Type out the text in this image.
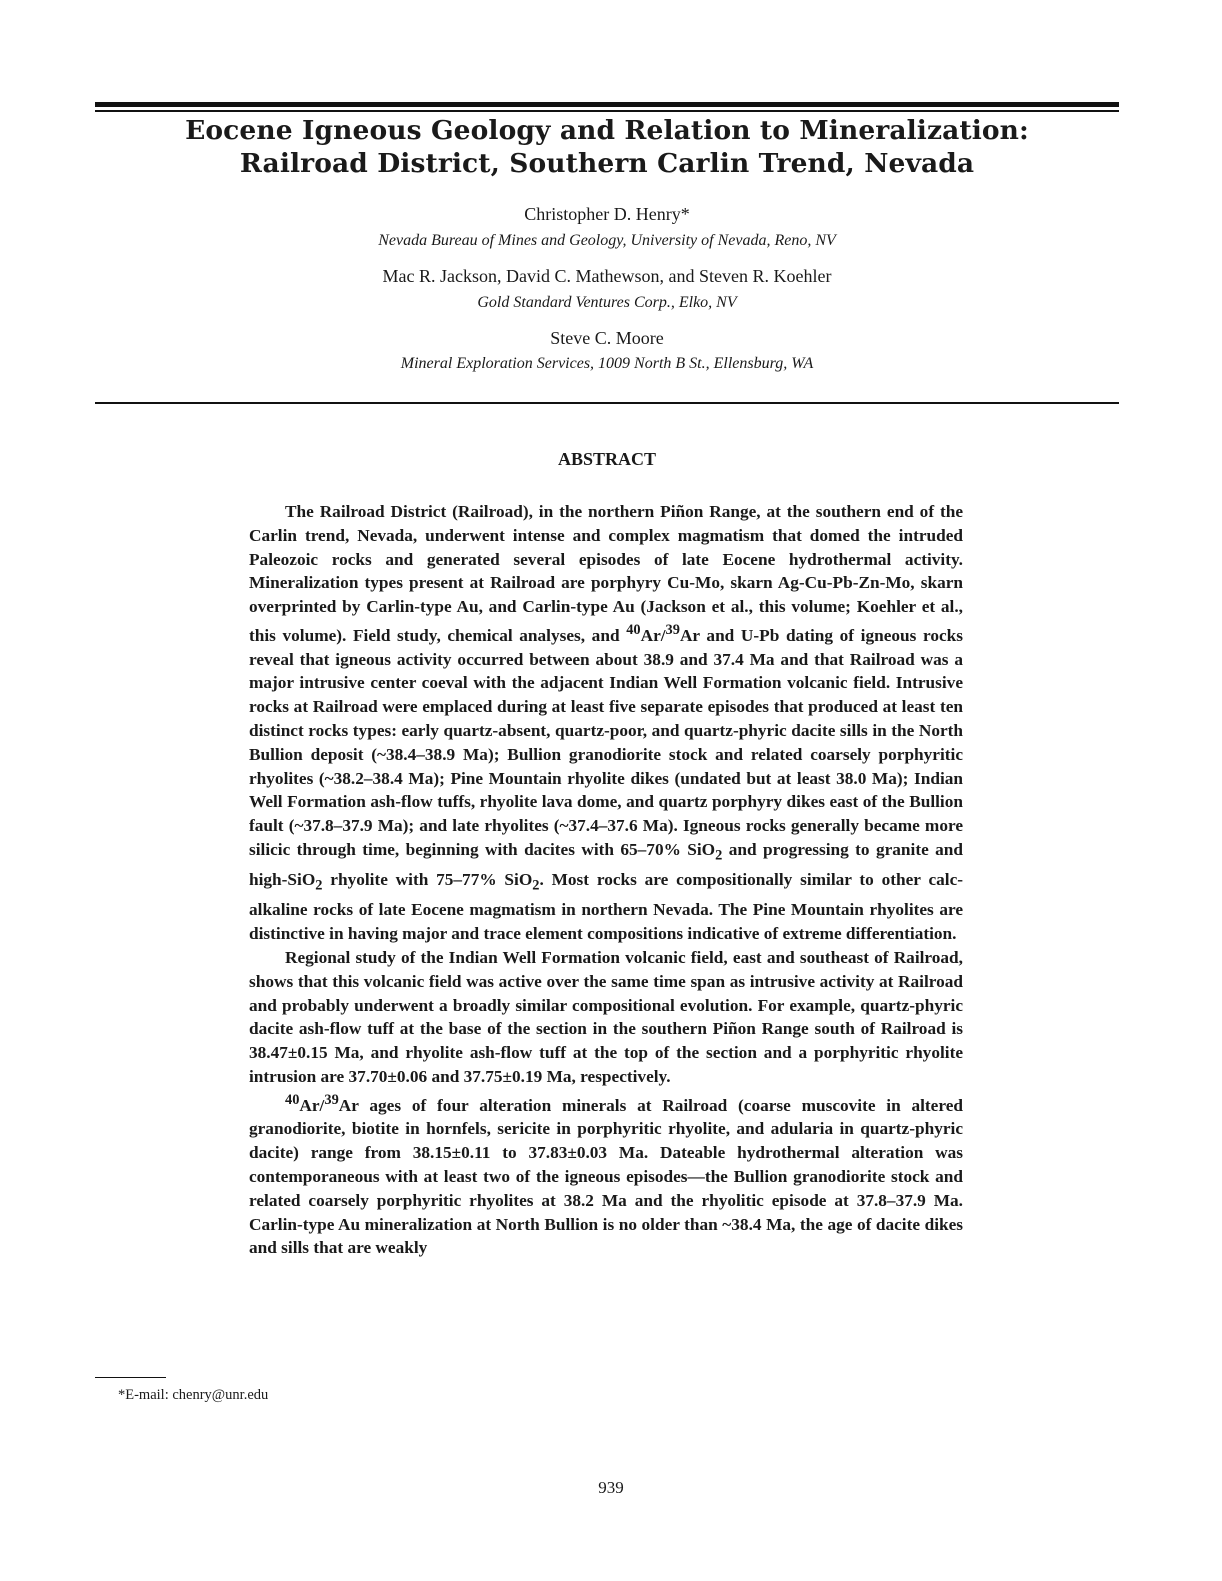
Eocene Igneous Geology and Relation to Mineralization:
Railroad District, Southern Carlin Trend, Nevada
Christopher D. Henry*
Nevada Bureau of Mines and Geology, University of Nevada, Reno, NV
Mac R. Jackson, David C. Mathewson, and Steven R. Koehler
Gold Standard Ventures Corp., Elko, NV
Steve C. Moore
Mineral Exploration Services, 1009 North B St., Ellensburg, WA
ABSTRACT

The Railroad District (Railroad), in the northern Piñon Range, at the southern end of the Carlin trend, Nevada, underwent intense and complex magmatism that domed the intruded Paleozoic rocks and generated several episodes of late Eocene hydrothermal activity. Mineralization types present at Railroad are porphyry Cu-Mo, skarn Ag-Cu-Pb-Zn-Mo, skarn overprinted by Carlin-type Au, and Carlin-type Au (Jackson et al., this volume; Koehler et al., this volume). Field study, chemical analyses, and $^{40}$Ar/$^{39}$Ar and U-Pb dating of igneous rocks reveal that igneous activity occurred between about 38.9 and 37.4 Ma and that Railroad was a major intrusive center coeval with the adjacent Indian Well Formation volcanic field. Intrusive rocks at Railroad were emplaced during at least five separate episodes that produced at least ten distinct rocks types: early quartz-absent, quartz-poor, and quartz-phyric dacite sills in the North Bullion deposit (~38.4–38.9 Ma); Bullion granodiorite stock and related coarsely porphyritic rhyolites (~38.2–38.4 Ma); Pine Mountain rhyolite dikes (undated but at least 38.0 Ma); Indian Well Formation ash-flow tuffs, rhyolite lava dome, and quartz porphyry dikes east of the Bullion fault (~37.8–37.9 Ma); and late rhyolites (~37.4–37.6 Ma). Igneous rocks generally became more silicic through time, beginning with dacites with 65–70% SiO$_2$ and progressing to granite and high-SiO$_2$ rhyolite with 75–77% SiO$_2$. Most rocks are compositionally similar to other calc-alkaline rocks of late Eocene magmatism in northern Nevada. The Pine Mountain rhyolites are distinctive in having major and trace element compositions indicative of extreme differentiation.

Regional study of the Indian Well Formation volcanic field, east and southeast of Railroad, shows that this volcanic field was active over the same time span as intrusive activity at Railroad and probably underwent a broadly similar compositional evolution. For example, quartz-phyric dacite ash-flow tuff at the base of the section in the southern Piñon Range south of Railroad is 38.47±0.15 Ma, and rhyolite ash-flow tuff at the top of the section and a porphyritic rhyolite intrusion are 37.70±0.06 and 37.75±0.19 Ma, respectively.

$^{40}$Ar/$^{39}$Ar ages of four alteration minerals at Railroad (coarse muscovite in altered granodiorite, biotite in hornfels, sericite in porphyritic rhyolite, and adularia in quartz-phyric dacite) range from 38.15±0.11 to 37.83±0.03 Ma. Dateable hydrothermal alteration was contemporaneous with at least two of the igneous episodes—the Bullion granodiorite stock and related coarsely porphyritic rhyolites at 38.2 Ma and the rhyolitic episode at 37.8–37.9 Ma. Carlin-type Au mineralization at North Bullion is no older than ~38.4 Ma, the age of dacite dikes and sills that are weakly

*E-mail: chenry@unr.edu
939
